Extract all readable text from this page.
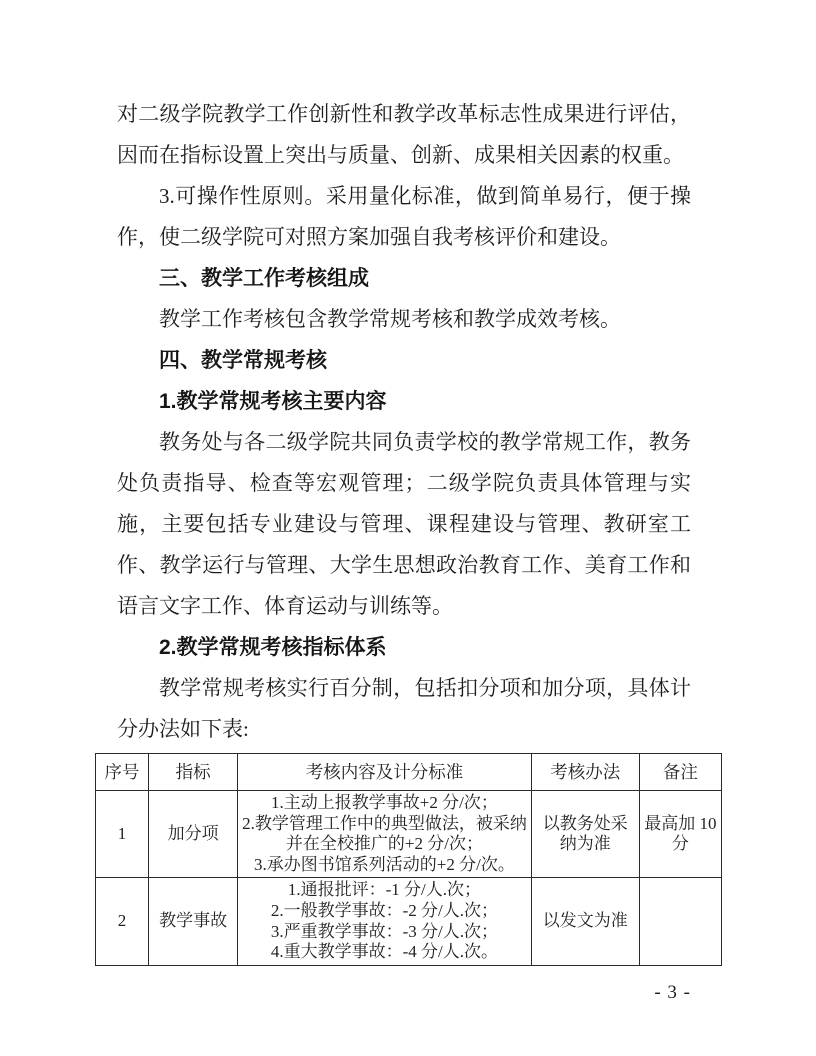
对二级学院教学工作创新性和教学改革标志性成果进行评估，因而在指标设置上突出与质量、创新、成果相关因素的权重。

3.可操作性原则。采用量化标准，做到简单易行，便于操作，使二级学院可对照方案加强自我考核评价和建设。

三、教学工作考核组成

教学工作考核包含教学常规考核和教学成效考核。

四、教学常规考核
1.教学常规考核主要内容

教务处与各二级学院共同负责学校的教学常规工作，教务处负责指导、检查等宏观管理；二级学院负责具体管理与实施，主要包括专业建设与管理、课程建设与管理、教研室工作、教学运行与管理、大学生思想政治教育工作、美育工作和语言文字工作、体育运动与训练等。

2.教学常规考核指标体系

教学常规考核实行百分制，包括扣分项和加分项，具体计分办法如下表:

序号	指标	考核内容及计分标准	考核办法	备注
1	加分项	1.主动上报教学事故+2 分/次；
2.教学管理工作中的典型做法，被采纳并在全校推广的+2 分/次；
3.承办图书馆系列活动的+2 分/次。	以教务处采纳为准	最高加 10 分
2	教学事故	1.通报批评：-1 分/人.次；
2.一般教学事故：-2 分/人.次；
3.严重教学事故：-3 分/人.次；
4.重大教学事故：-4 分/人.次。	以发文为准	
- 3 -
